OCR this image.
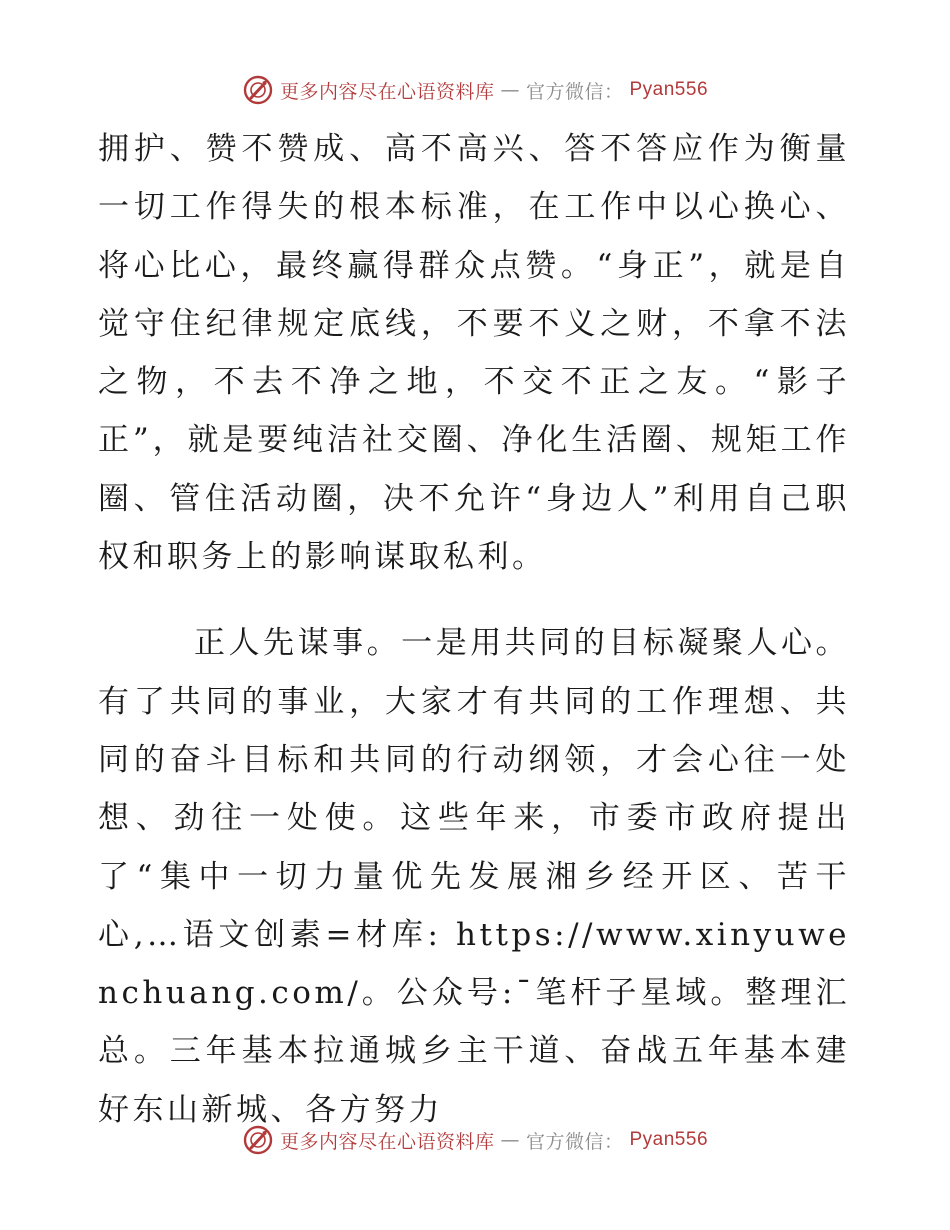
更多内容尽在心语资料库 — 官方微信： Pyan556

拥护、赞不赞成、高不高兴、答不答应作为衡量一切工作得失的根本标准，在工作中以心换心、将心比心，最终赢得群众点赞。“身正”，就是自觉守住纪律规定底线，不要不义之财，不拿不法之物，不去不净之地，不交不正之友。“影子正”，就是要纯洁社交圈、净化生活圈、规矩工作圈、管住活动圈，决不允许“身边人”利用自己职权和职务上的影响谋取私利。

正人先谋事。一是用共同的目标凝聚人心。有了共同的事业，大家才有共同的工作理想、共同的奋斗目标和共同的行动纲领，才会心往一处想、劲往一处使。这些年来，市委市政府提出了“集中一切力量优先发展湘乡经开区、苦干心,…语文创素=材库: https://www.xinyuwenchuang.com/。公众号:¯笔杆子星域。整理汇总。三年基本拉通城乡主干道、奋战五年基本建好东山新城、各方努力

更多内容尽在心语资料库 — 官方微信： Pyan556
